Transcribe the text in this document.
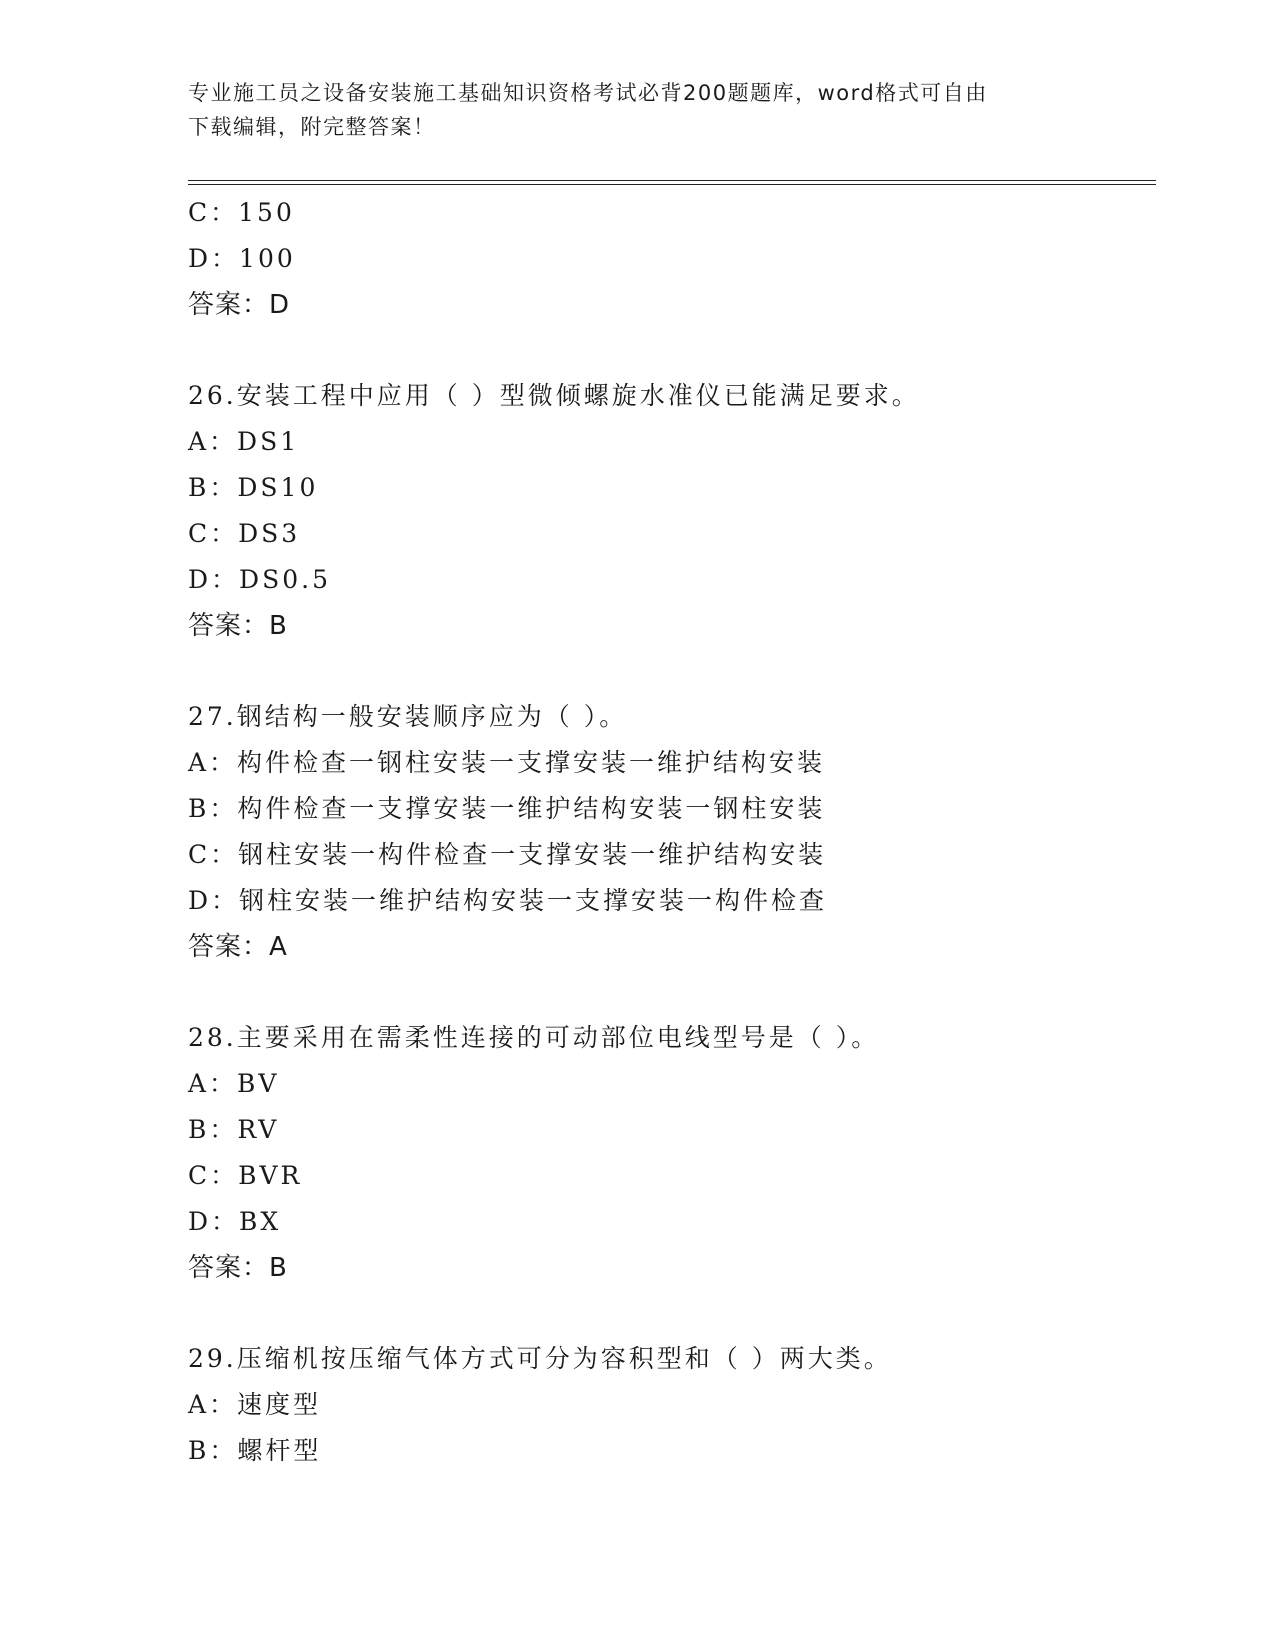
专业施工员之设备安装施工基础知识资格考试必背200题题库，word格式可自由
下载编辑，附完整答案！
C：150
D：100
答案：D
26.安装工程中应用（ ）型微倾螺旋水准仪已能满足要求。
A：DS1
B：DS10
C：DS3
D：DS0.5
答案：B
27.钢结构一般安装顺序应为（ ）。
A：构件检查一钢柱安装一支撑安装一维护结构安装
B：构件检查一支撑安装一维护结构安装一钢柱安装
C：钢柱安装一构件检查一支撑安装一维护结构安装
D：钢柱安装一维护结构安装一支撑安装一构件检查
答案：A
28.主要采用在需柔性连接的可动部位电线型号是（ ）。
A：BV
B：RV
C：BVR
D：BX
答案：B
29.压缩机按压缩气体方式可分为容积型和（ ）两大类。
A：速度型
B：螺杆型
